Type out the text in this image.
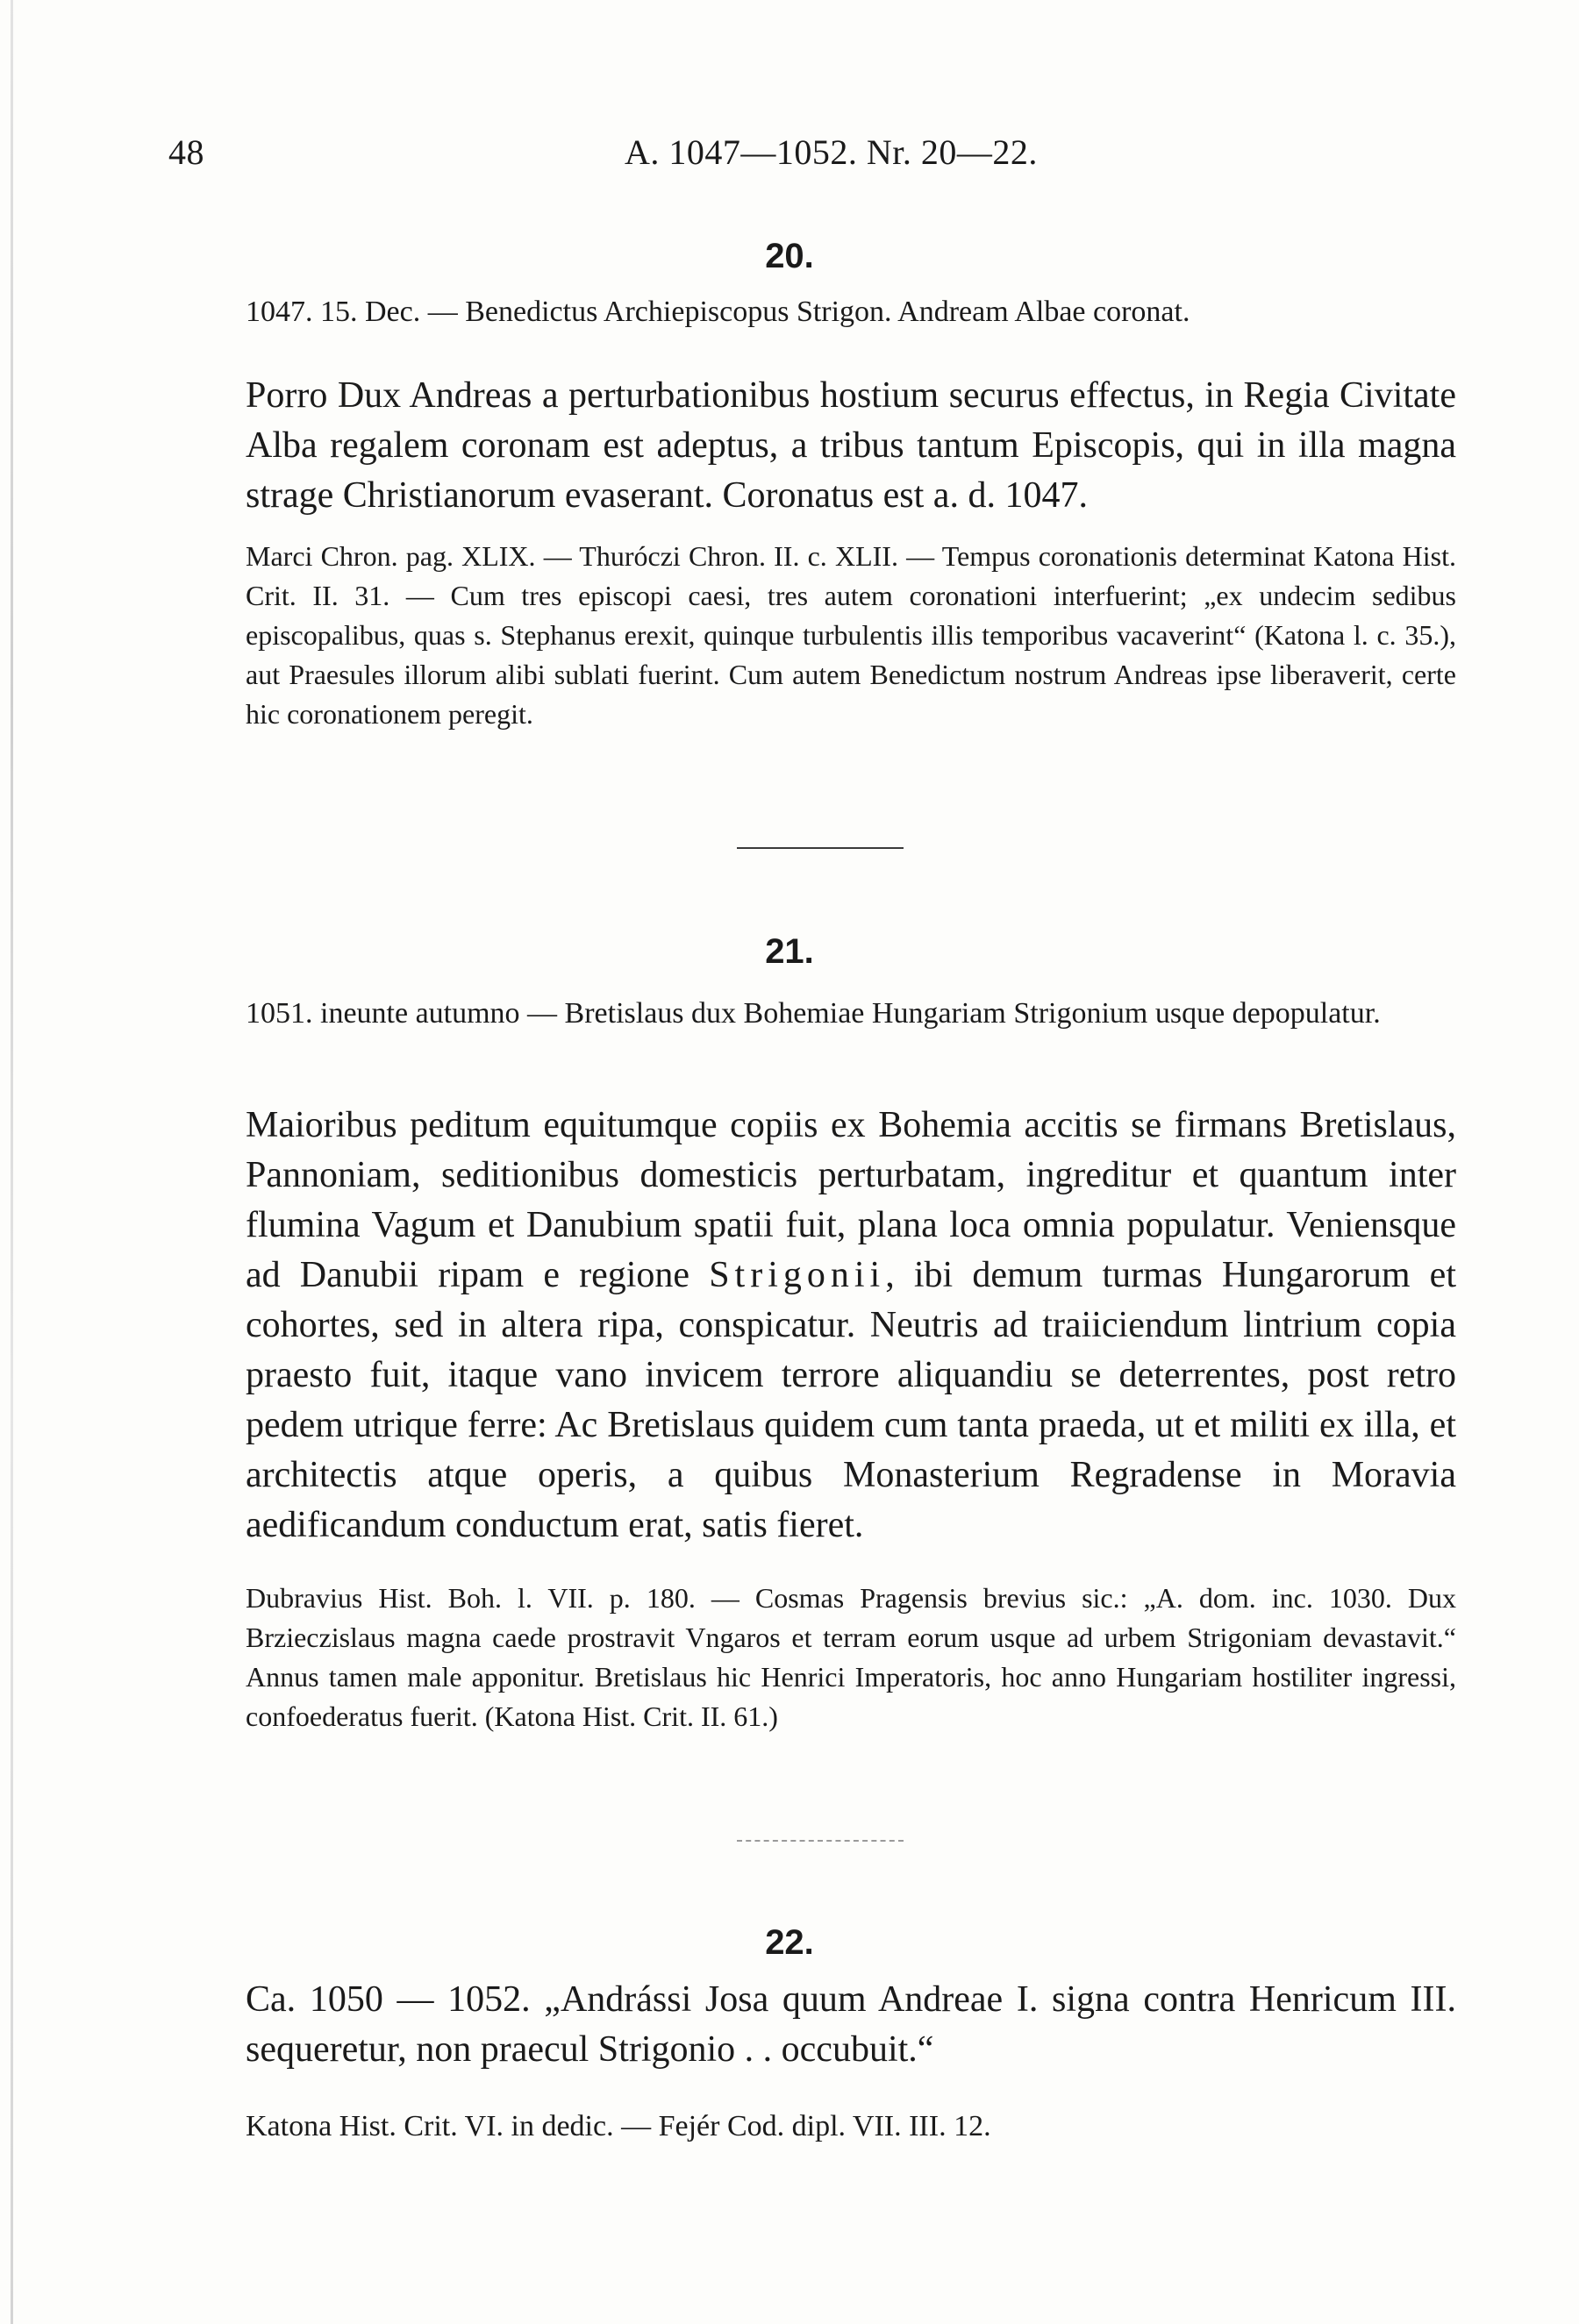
48	A. 1047—1052. Nr. 20—22.
20.

1047. 15. Dec. — Benedictus Archiepiscopus Strigon. Andream Albae coronat.

Porro Dux Andreas a perturbationibus hostium securus effectus, in Regia Civitate Alba regalem coronam est adeptus, a tribus tantum Episcopis, qui in illa magna strage Christianorum evaserant. Coronatus est a. d. 1047.

Marci Chron. pag. XLIX. — Thuróczi Chron. II. c. XLII. — Tempus coronationis determinat Katona Hist. Crit. II. 31. — Cum tres episcopi caesi, tres autem coronationi interfuerint; „ex undecim sedibus episcopalibus, quas s. Stephanus erexit, quinque turbulentis illis temporibus vacaverint“ (Katona l. c. 35.), aut Praesules illorum alibi sublati fuerint. Cum autem Benedictum nostrum Andreas ipse liberaverit, certe hic coronationem peregit.

21.

1051. ineunte autumno — Bretislaus dux Bohemiae Hungariam Strigonium usque depopulatur.

Maioribus peditum equitumque copiis ex Bohemia accitis se firmans Bretislaus, Pannoniam, seditionibus domesticis perturbatam, ingreditur et quantum inter flumina Vagum et Danubium spatii fuit, plana loca omnia populatur. Veniensque ad Danubii ripam e regione Strigonii, ibi demum turmas Hungarorum et cohortes, sed in altera ripa, conspicatur. Neutris ad traiiciendum lintrium copia praesto fuit, itaque vano invicem terrore aliquandiu se deterrentes, post retro pedem utrique ferre: Ac Bretislaus quidem cum tanta praeda, ut et militi ex illa, et architectis atque operis, a quibus Monasterium Regradense in Moravia aedificandum conductum erat, satis fieret.

Dubravius Hist. Boh. l. VII. p. 180. — Cosmas Pragensis brevius sic.: „A. dom. inc. 1030. Dux Brzieczislaus magna caede prostravit Vngaros et terram eorum usque ad urbem Strigoniam devastavit.“ Annus tamen male apponitur. Bretislaus hic Henrici Imperatoris, hoc anno Hungariam hostiliter ingressi, confoederatus fuerit. (Katona Hist. Crit. II. 61.)

22.

Ca. 1050 — 1052. „Andrássi Josa quum Andreae I. signa contra Henricum III. sequeretur, non praecul Strigonio . . occubuit.“

Katona Hist. Crit. VI. in dedic. — Fejér Cod. dipl. VII. III. 12.
